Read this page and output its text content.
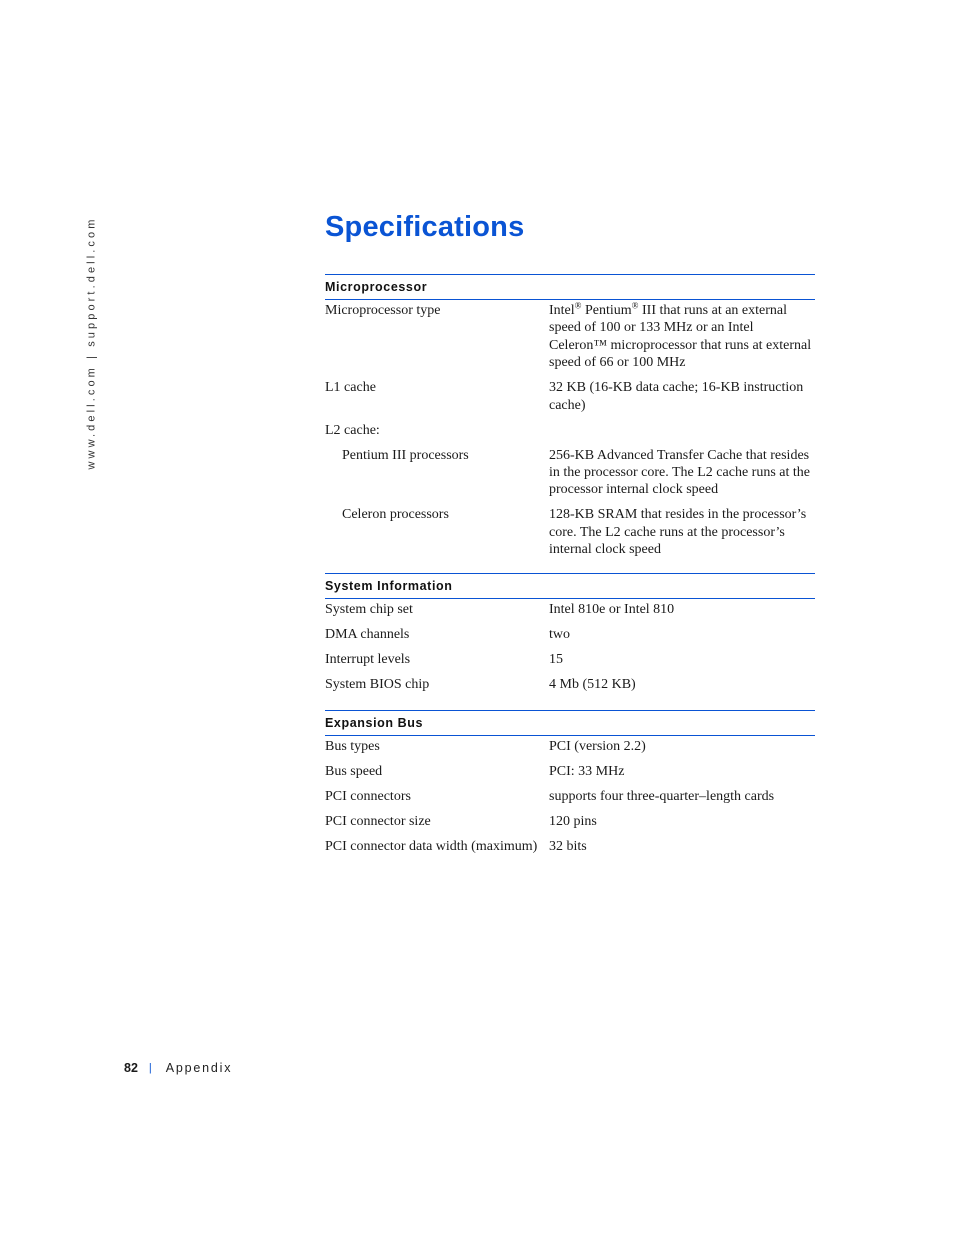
www.dell.com | support.dell.com	Specifications
Microprocessor
Microprocessor type	Intel® Pentium® III that runs at an external speed of 100 or 133 MHz or an Intel Celeron™ microprocessor that runs at external speed of 66 or 100 MHz
L1 cache	32 KB (16-KB data cache; 16-KB instruction cache)
L2 cache:
Pentium III processors	256-KB Advanced Transfer Cache that resides in the processor core. The L2 cache runs at the processor internal clock speed
Celeron processors	128-KB SRAM that resides in the processor’s core. The L2 cache runs at the processor’s internal clock speed
System Information
System chip set	Intel 810e or Intel 810
DMA channels	two
Interrupt levels	15
System BIOS chip	4 Mb (512 KB)
Expansion Bus
Bus types	PCI (version 2.2)
Bus speed	PCI: 33 MHz
PCI connectors	supports four three-quarter–length cards
PCI connector size	120 pins
PCI connector data width (maximum) 32 bits
82 | Appendix
